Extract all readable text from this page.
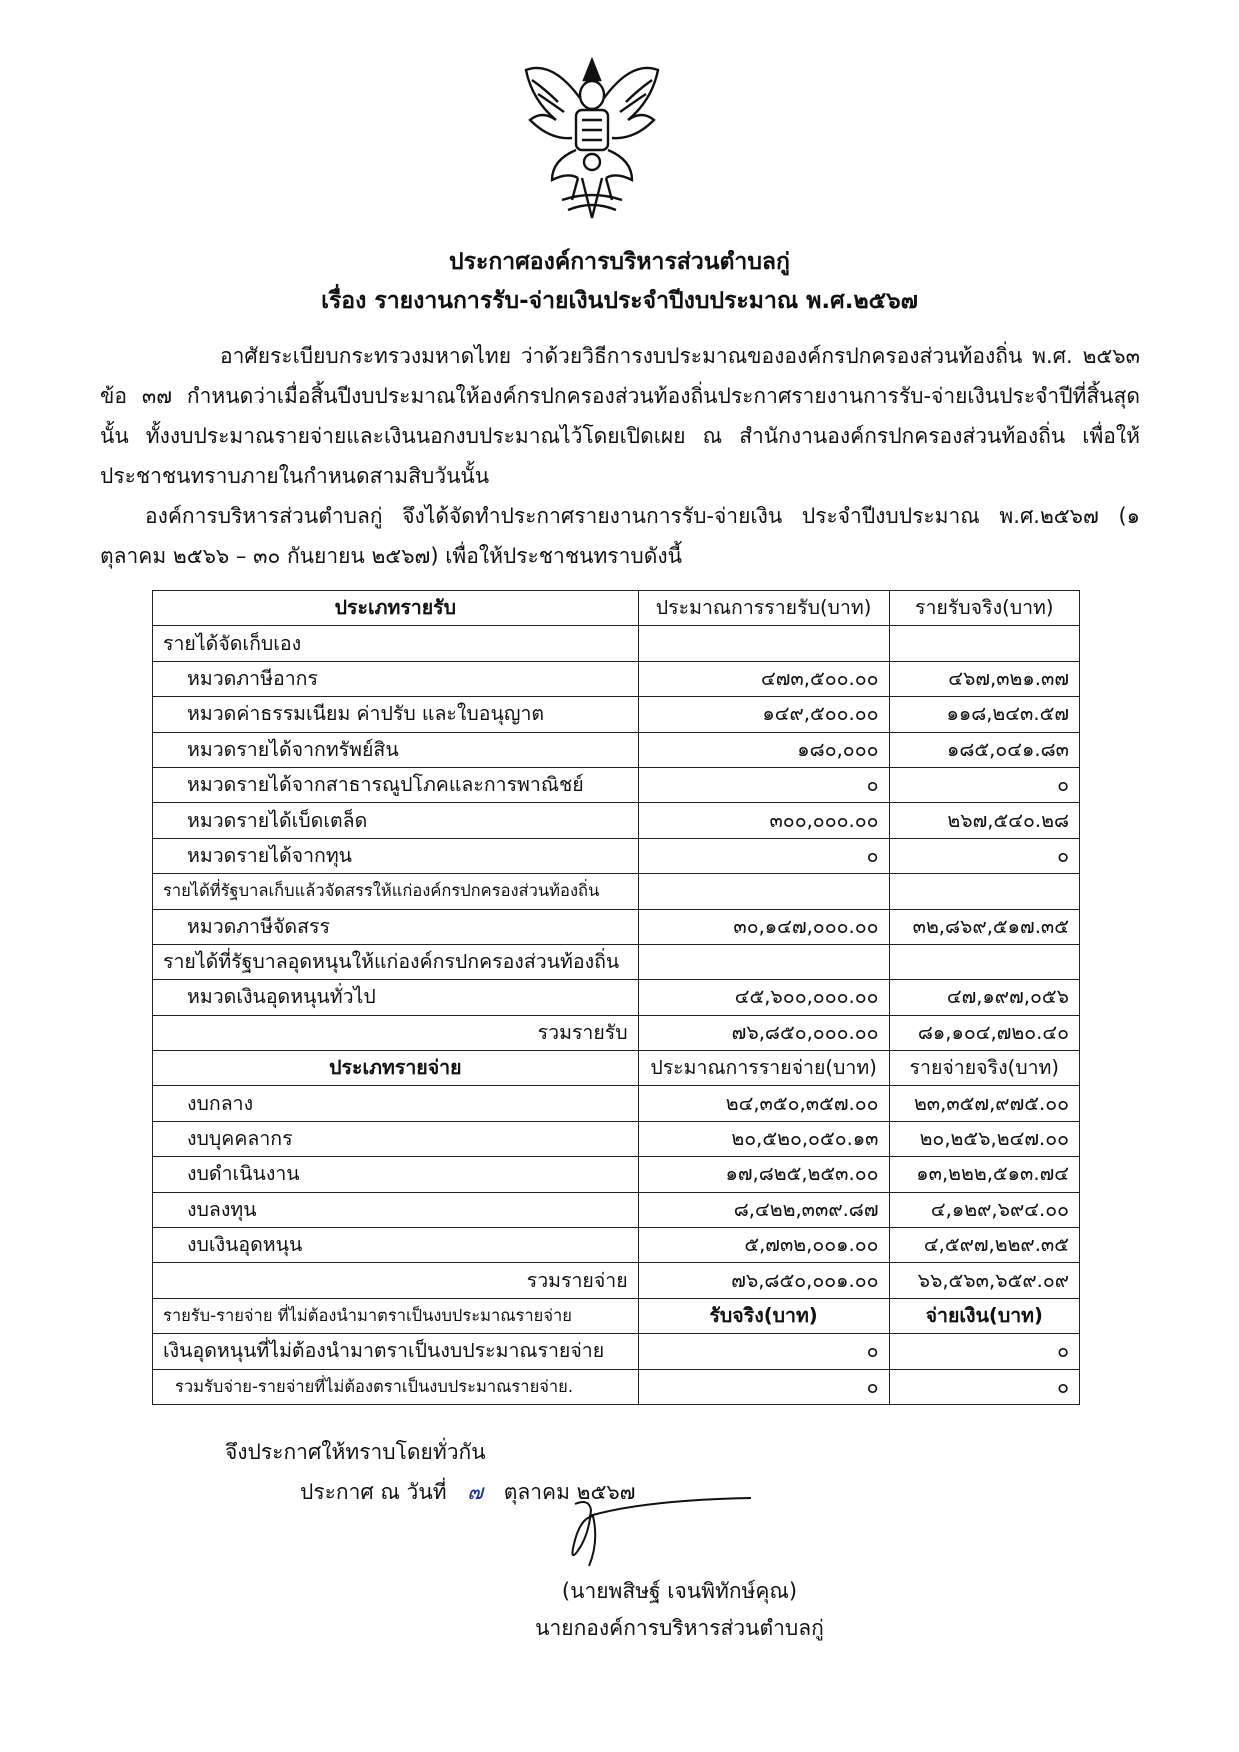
ประกาศองค์การบริหารส่วนตำบลกู่
เรื่อง รายงานการรับ-จ่ายเงินประจำปีงบประมาณ พ.ศ.๒๕๖๗
อาศัยระเบียบกระทรวงมหาดไทย ว่าด้วยวิธีการงบประมาณขององค์กรปกครองส่วนท้องถิ่น พ.ศ. ๒๕๖๓ ข้อ ๓๗ กำหนดว่าเมื่อสิ้นปีงบประมาณให้องค์กรปกครองส่วนท้องถิ่นประกาศรายงานการรับ-จ่ายเงินประจำปีที่สิ้นสุดนั้น ทั้งงบประมาณรายจ่ายและเงินนอกงบประมาณไว้โดยเปิดเผย ณ สำนักงานองค์กรปกครองส่วนท้องถิ่น เพื่อให้ประชาชนทราบภายในกำหนดสามสิบวันนั้น
องค์การบริหารส่วนตำบลกู่ จึงได้จัดทำประกาศรายงานการรับ-จ่ายเงิน ประจำปีงบประมาณ พ.ศ.๒๕๖๗ (๑ ตุลาคม ๒๕๖๖ – ๓๐ กันยายน ๒๕๖๗) เพื่อให้ประชาชนทราบดังนี้
ประเภทรายรับ	ประมาณการรายรับ(บาท)	รายรับจริง(บาท)
รายได้จัดเก็บเอง		
หมวดภาษีอากร	๔๗๓,๕๐๐.๐๐	๔๖๗,๓๒๑.๓๗
หมวดค่าธรรมเนียม ค่าปรับ และใบอนุญาต	๑๔๙,๕๐๐.๐๐	๑๑๘,๒๔๓.๕๗
หมวดรายได้จากทรัพย์สิน	๑๘๐,๐๐๐	๑๘๕,๐๔๑.๘๓
หมวดรายได้จากสาธารณูปโภคและการพาณิชย์	๐	๐
หมวดรายได้เบ็ดเตล็ด	๓๐๐,๐๐๐.๐๐	๒๖๗,๕๔๐.๒๘
หมวดรายได้จากทุน	๐	๐
รายได้ที่รัฐบาลเก็บแล้วจัดสรรให้แก่องค์กรปกครองส่วนท้องถิ่น		
หมวดภาษีจัดสรร	๓๐,๑๔๗,๐๐๐.๐๐	๓๒,๘๖๙,๕๑๗.๓๕
รายได้ที่รัฐบาลอุดหนุนให้แก่องค์กรปกครองส่วนท้องถิ่น		
หมวดเงินอุดหนุนทั่วไป	๔๕,๖๐๐,๐๐๐.๐๐	๔๗,๑๙๗,๐๕๖
รวมรายรับ	๗๖,๘๕๐,๐๐๐.๐๐	๘๑,๑๐๔,๗๒๐.๔๐
ประเภทรายจ่าย	ประมาณการรายจ่าย(บาท)	รายจ่ายจริง(บาท)
งบกลาง	๒๔,๓๕๐,๓๕๗.๐๐	๒๓,๓๕๗,๙๗๕.๐๐
งบบุคคลากร	๒๐,๕๒๐,๐๕๐.๑๓	๒๐,๒๕๖,๒๔๗.๐๐
งบดำเนินงาน	๑๗,๘๒๕,๒๕๓.๐๐	๑๓,๒๒๒,๕๑๓.๗๔
งบลงทุน	๘,๔๒๒,๓๓๙.๘๗	๔,๑๒๙,๖๙๔.๐๐
งบเงินอุดหนุน	๕,๗๓๒,๐๐๑.๐๐	๔,๕๙๗,๒๒๙.๓๕
รวมรายจ่าย	๗๖,๘๕๐,๐๐๑.๐๐	๖๖,๕๖๓,๖๕๙.๐๙
รายรับ-รายจ่าย ที่ไม่ต้องนำมาตราเป็นงบประมาณรายจ่าย	รับจริง(บาท)	จ่ายเงิน(บาท)
เงินอุดหนุนที่ไม่ต้องนำมาตราเป็นงบประมาณรายจ่าย	๐	๐
รวมรับจ่าย-รายจ่ายที่ไม่ต้องตราเป็นงบประมาณรายจ่าย.	๐	๐
จึงประกาศให้ทราบโดยทั่วกัน
ประกาศ ณ วันที่ ๗ ตุลาคม ๒๕๖๗
(นายพสิษฐ์ เจนพิทักษ์คุณ)
นายกองค์การบริหารส่วนตำบลกู่
